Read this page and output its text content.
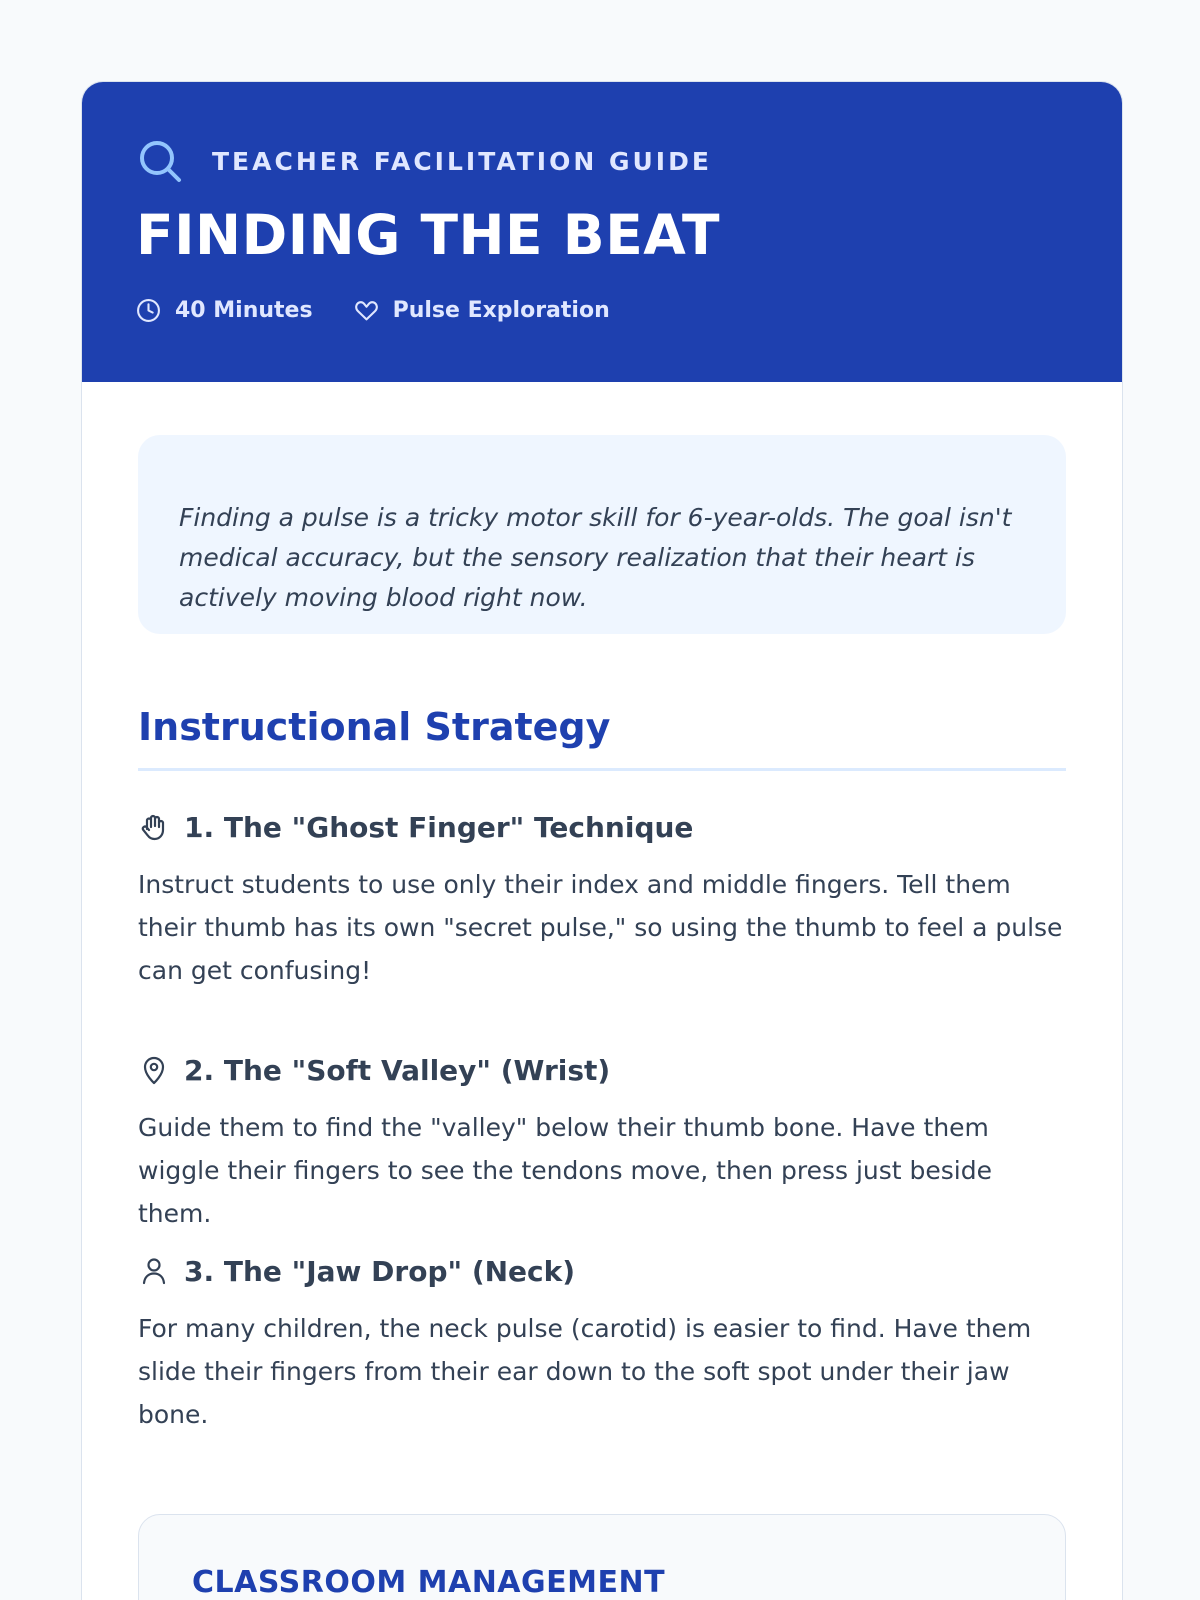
TEACHER FACILITATION GUIDE
FINDING THE BEAT
40 Minutes	Pulse Exploration

Finding a pulse is a tricky motor skill for 6-year-olds. The goal isn't medical accuracy, but the sensory realization that their heart is actively moving blood right now.

Instructional Strategy
1. The "Ghost Finger" Technique

Instruct students to use only their index and middle fingers. Tell them their thumb has its own "secret pulse," so using the thumb to feel a pulse can get confusing!

2. The "Soft Valley" (Wrist)

Guide them to find the "valley" below their thumb bone. Have them wiggle their fingers to see the tendons move, then press just beside them.

3. The "Jaw Drop" (Neck)

For many children, the neck pulse (carotid) is easier to find. Have them slide their fingers from their ear down to the soft spot under their jaw bone.

CLASSROOM MANAGEMENT
